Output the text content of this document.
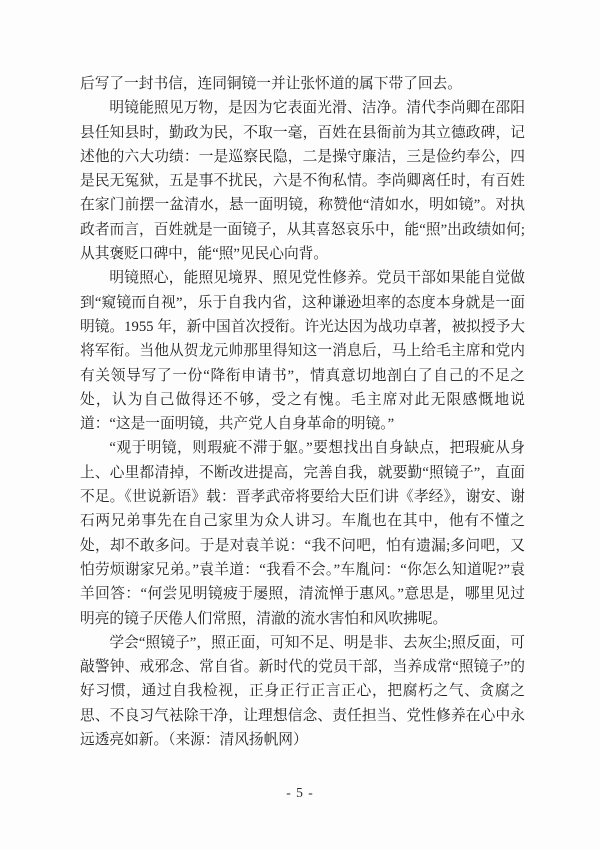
后写了一封书信，连同铜镜一并让张怀道的属下带了回去。

明镜能照见万物，是因为它表面光滑、洁净。清代李尚卿在邵阳县任知县时，勤政为民，不取一毫，百姓在县衙前为其立德政碑，记述他的六大功绩：一是巡察民隐，二是操守廉洁，三是俭约奉公，四是民无冤狱，五是事不扰民，六是不徇私情。李尚卿离任时，有百姓在家门前摆一盆清水，悬一面明镜，称赞他“清如水，明如镜”。对执政者而言，百姓就是一面镜子，从其喜怒哀乐中，能“照”出政绩如何;从其褒贬口碑中，能“照”见民心向背。

明镜照心，能照见境界、照见党性修养。党员干部如果能自觉做到“窥镜而自视”，乐于自我内省，这种谦逊坦率的态度本身就是一面明镜。1955 年，新中国首次授衔。许光达因为战功卓著，被拟授予大将军衔。当他从贺龙元帅那里得知这一消息后，马上给毛主席和党内有关领导写了一份“降衔申请书”，情真意切地剖白了自己的不足之处，认为自己做得还不够，受之有愧。毛主席对此无限感慨地说道：“这是一面明镜，共产党人自身革命的明镜。”

“观于明镜，则瑕疵不滞于躯。”要想找出自身缺点，把瑕疵从身上、心里都清掉，不断改进提高，完善自我，就要勤“照镜子”，直面不足。《世说新语》载：晋孝武帝将要给大臣们讲《孝经》，谢安、谢石两兄弟事先在自己家里为众人讲习。车胤也在其中，他有不懂之处，却不敢多问。于是对袁羊说：“我不问吧，怕有遗漏;多问吧，又怕劳烦谢家兄弟。”袁羊道：“我看不会。”车胤问：“你怎么知道呢?”袁羊回答：“何尝见明镜疲于屡照，清流惮于惠风。”意思是，哪里见过明亮的镜子厌倦人们常照，清澈的流水害怕和风吹拂呢。

学会“照镜子”，照正面，可知不足、明是非、去灰尘;照反面，可敲警钟、戒邪念、常自省。新时代的党员干部，当养成常“照镜子”的好习惯，通过自我检视，正身正行正言正心，把腐朽之气、贪腐之思、不良习气袪除干净，让理想信念、责任担当、党性修养在心中永远透亮如新。（来源：清风扬帆网）

- 5 -
